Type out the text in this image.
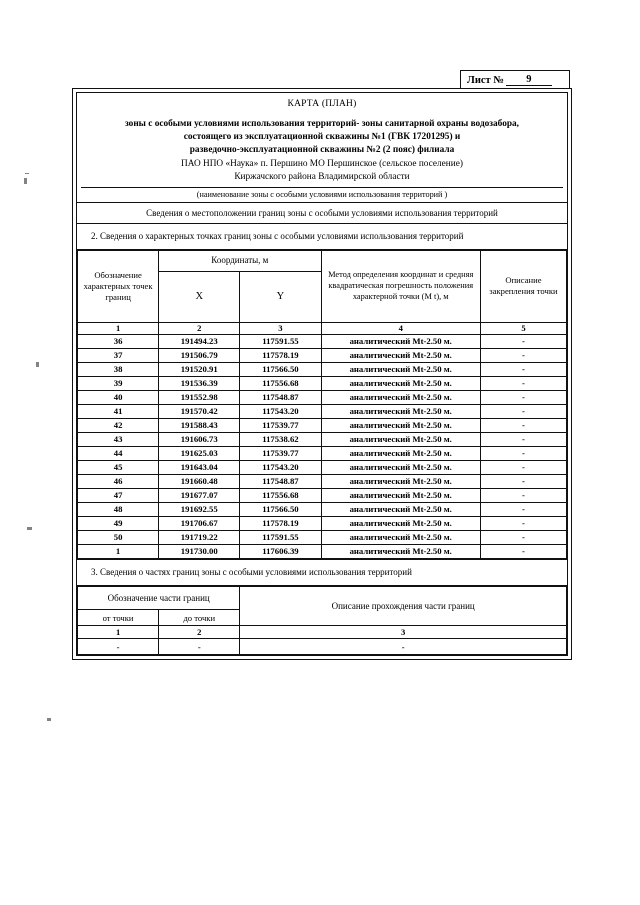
Лист №	9
КАРТА (ПЛАН)
зоны с особыми условиями использования территорий- зоны санитарной охраны водозабора,
состоящего из эксплуатационной скважины №1 (ГВК 17201295) и
разведочно-эксплуатационной скважины №2 (2 пояс) филиала
ПАО НПО «Наука» п. Першино МО Першинское (сельское поселение)
Киржачского района Владимирской области
(наименование зоны с особыми условиями использования территорий )
Сведения о местоположении границ зоны с особыми условиями использования территорий
2. Сведения о характерных точках границ зоны с особыми условиями использования территорий
Обозначение характерных точек границ	Координаты, м		Метод определения координат и средняя квадратическая погрешность положения характерной точки (M t), м	Описание закрепления точки
	X	Y		
1	2	3	4	5
36	191494.23	117591.55	аналитический Mt-2.50 м.	-
37	191506.79	117578.19	аналитический Mt-2.50 м.	-
38	191520.91	117566.50	аналитический Mt-2.50 м.	-
39	191536.39	117556.68	аналитический Mt-2.50 м.	-
40	191552.98	117548.87	аналитический Mt-2.50 м.	-
41	191570.42	117543.20	аналитический Mt-2.50 м.	-
42	191588.43	117539.77	аналитический Mt-2.50 м.	-
43	191606.73	117538.62	аналитический Mt-2.50 м.	-
44	191625.03	117539.77	аналитический Mt-2.50 м.	-
45	191643.04	117543.20	аналитический Mt-2.50 м.	-
46	191660.48	117548.87	аналитический Mt-2.50 м.	-
47	191677.07	117556.68	аналитический Mt-2.50 м.	-
48	191692.55	117566.50	аналитический Mt-2.50 м.	-
49	191706.67	117578.19	аналитический Mt-2.50 м.	-
50	191719.22	117591.55	аналитический Mt-2.50 м.	-
1	191730.00	117606.39	аналитический Mt-2.50 м.	-
3. Сведения о частях границ зоны с особыми условиями использования территорий
Обозначение части границ		Описание прохождения части границ
от точки	до точки	
1	2	3
-	-	-
